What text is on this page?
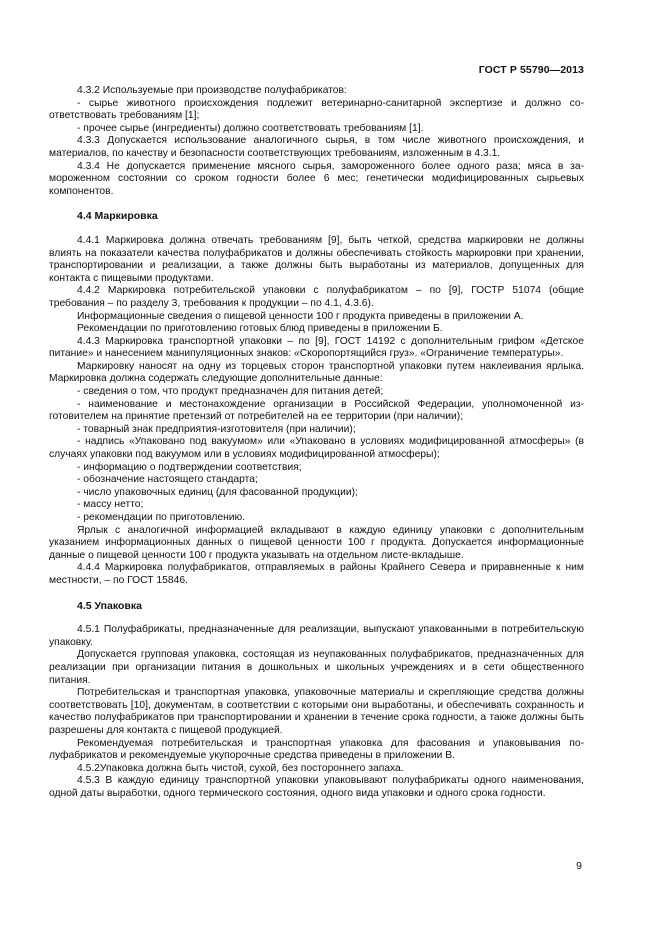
ГОСТ Р 55790—2013

4.3.2 Используемые при производстве полуфабрикатов:

- сырье животного происхождения подлежит ветеринарно-санитарной экспертизе и должно соответствовать требованиям [1];

- прочее сырье (ингредиенты) должно соответствовать требованиям [1].

4.3.3 Допускается использование аналогичного сырья, в том числе животного происхождения, и материалов, по качеству и безопасности соответствующих требованиям, изложенным в 4.3.1.

4.3.4 Не допускается применение мясного сырья, замороженного более одного раза; мяса в замороженном состоянии со сроком годности более 6 мес; генетически модифицированных сырьевых компонентов.

4.4 Маркировка

4.4.1 Маркировка должна отвечать требованиям [9], быть четкой, средства маркировки не должны влиять на показатели качества полуфабрикатов и должны обеспечивать стойкость маркировки при хранении, транспортировании и реализации, а также должны быть выработаны из материалов, допущенных для контакта с пищевыми продуктами.

4.4.2 Маркировка потребительской упаковки с полуфабрикатом – по [9], ГОСТР 51074 (общие требования – по разделу 3, требования к продукции – по 4.1, 4.3.6).

Информационные сведения о пищевой ценности 100 г продукта приведены в приложении А.

Рекомендации по приготовлению готовых блюд приведены в приложении Б.

4.4.3 Маркировка транспортной упаковки – по [9], ГОСТ 14192 с дополнительным грифом «Детское питание» и нанесением манипуляционных знаков: «Скоропортящийся груз». «Ограничение температуры».

Маркировку наносят на одну из торцевых сторон транспортной упаковки путем наклеивания ярлыка. Маркировка должна содержать следующие дополнительные данные:

- сведения о том, что продукт предназначен для питания детей;

- наименование и местонахождение организации в Российской Федерации, уполномоченной изготовителем на принятие претензий от потребителей на ее территории (при наличии);

- товарный знак предприятия-изготовителя (при наличии);

- надпись «Упаковано под вакуумом» или «Упаковано в условиях модифицированной атмосферы» (в случаях упаковки под вакуумом или в условиях модифицированной атмосферы);

- информацию о подтверждении соответствия;

- обозначение настоящего стандарта;

- число упаковочных единиц (для фасованной продукции);

- массу нетто;

- рекомендации по приготовлению.

Ярлык с аналогичной информацией вкладывают в каждую единицу упаковки с дополнительным указанием информационных данных о пищевой ценности 100 г продукта. Допускается информационные данные о пищевой ценности 100 г продукта указывать на отдельном листе-вкладыше.

4.4.4 Маркировка полуфабрикатов, отправляемых в районы Крайнего Севера и приравненные к ним местности, – по ГОСТ 15846.

4.5 Упаковка

4.5.1 Полуфабрикаты, предназначенные для реализации, выпускают упакованными в потребительскую упаковку.

Допускается групповая упаковка, состоящая из неупакованных полуфабрикатов, предназначенных для реализации при организации питания в дошкольных и школьных учреждениях и в сети общественного питания.

Потребительская и транспортная упаковка, упаковочные материалы и скрепляющие средства должны соответствовать [10], документам, в соответствии с которыми они выработаны, и обеспечивать сохранность и качество полуфабрикатов при транспортировании и хранении в течение срока годности, а также должны быть разрешены для контакта с пищевой продукцией.

Рекомендуемая потребительская и транспортная упаковка для фасования и упаковывания полуфабрикатов и рекомендуемые укупорочные средства приведены в приложении В.

4.5.2Упаковка должна быть чистой, сухой, без постороннего запаха.

4.5.3 В каждую единицу транспортной упаковки упаковывают полуфабрикаты одного наименования, одной даты выработки, одного термического состояния, одного вида упаковки и одного срока годности.

9
